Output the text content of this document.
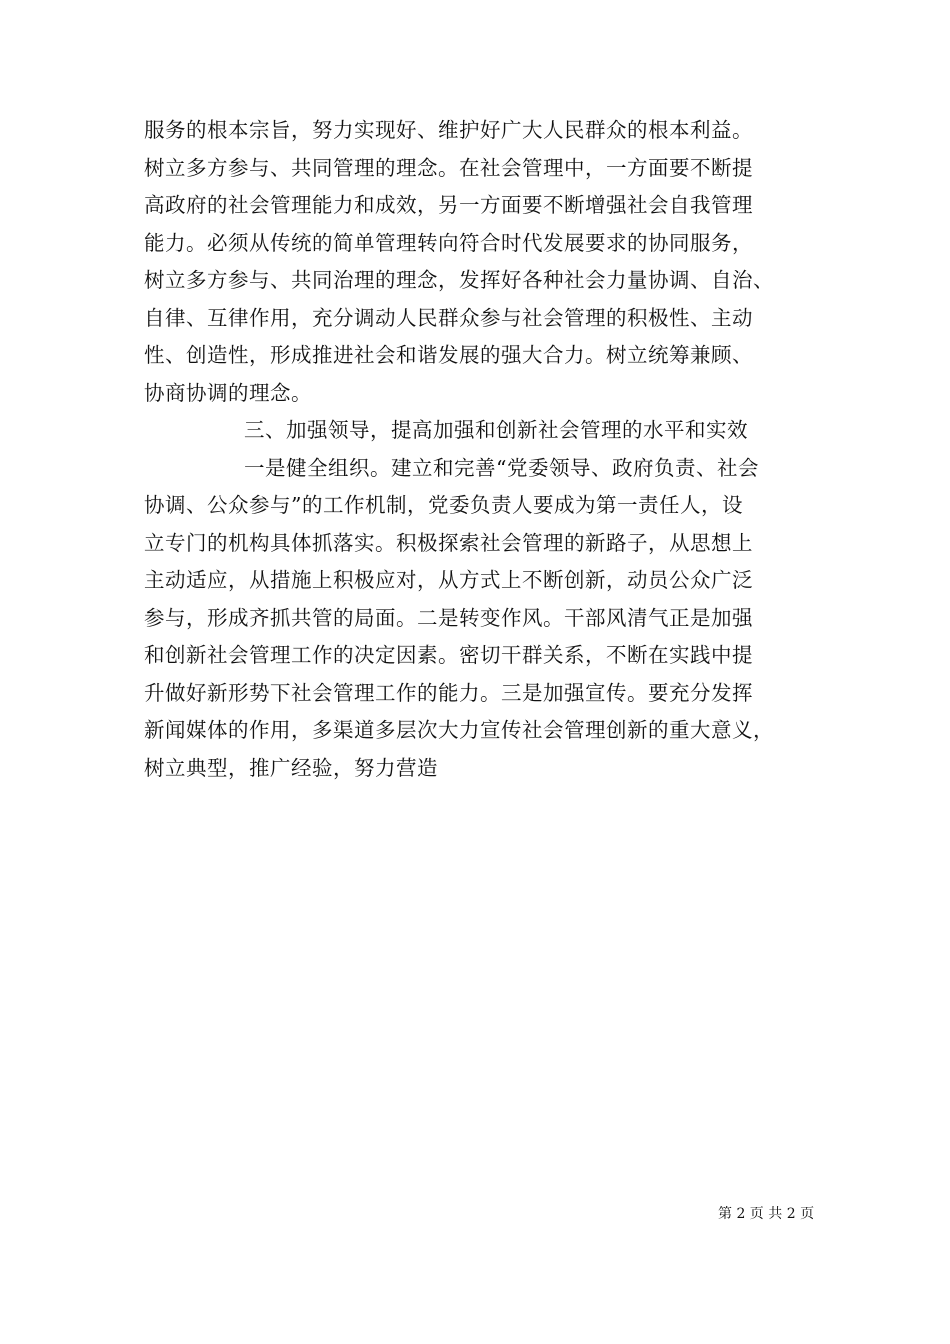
服务的根本宗旨，努力实现好、维护好广大人民群众的根本利益。
树立多方参与、共同管理的理念。在社会管理中，一方面要不断提
高政府的社会管理能力和成效，另一方面要不断增强社会自我管理
能力。必须从传统的简单管理转向符合时代发展要求的协同服务，
树立多方参与、共同治理的理念，发挥好各种社会力量协调、自治、
自律、互律作用，充分调动人民群众参与社会管理的积极性、主动
性、创造性，形成推进社会和谐发展的强大合力。树立统筹兼顾、
协商协调的理念。
三、加强领导，提高加强和创新社会管理的水平和实效
一是健全组织。建立和完善“党委领导、政府负责、社会
协调、公众参与”的工作机制，党委负责人要成为第一责任人，设
立专门的机构具体抓落实。积极探索社会管理的新路子，从思想上
主动适应，从措施上积极应对，从方式上不断创新，动员公众广泛
参与，形成齐抓共管的局面。二是转变作风。干部风清气正是加强
和创新社会管理工作的决定因素。密切干群关系，不断在实践中提
升做好新形势下社会管理工作的能力。三是加强宣传。要充分发挥
新闻媒体的作用，多渠道多层次大力宣传社会管理创新的重大意义，
树立典型，推广经验，努力营造
第 2 页 共 2 页
